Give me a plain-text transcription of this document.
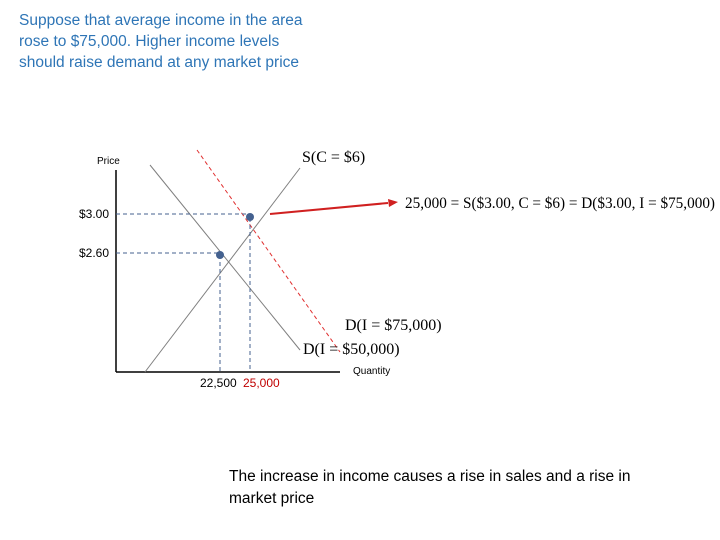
Suppose that average income in the area
rose to $75,000. Higher income levels
should raise demand at any market price
Price
Quantity
$3.00
$2.60
22,500 25,000
S(C = $6)
D(I = $75,000)
D(I = $50,000)
25,000 = S($3.00, C = $6) = D($3.00, I = $75,000)
The increase in income causes a rise in sales and a rise in market price
